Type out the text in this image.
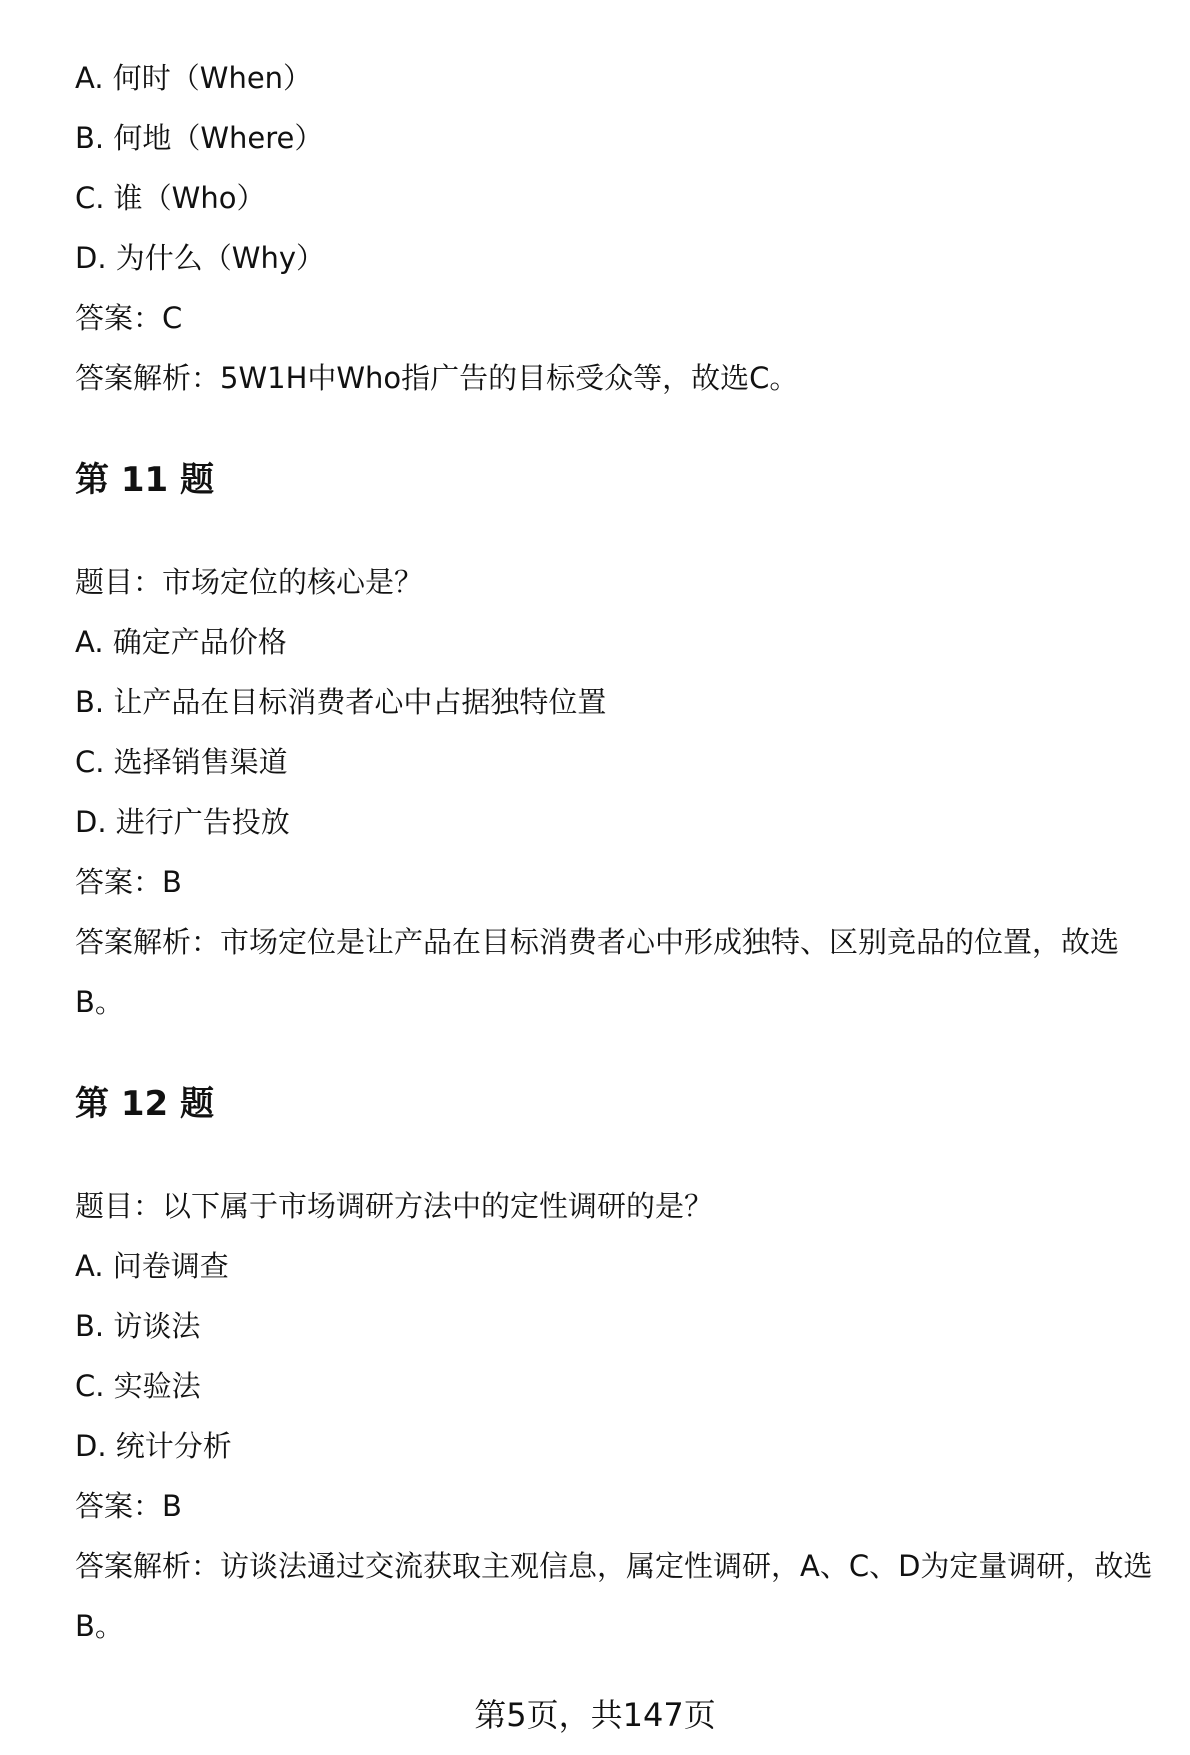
A. 何时（When）
B. 何地（Where）
C. 谁（Who）
D. 为什么（Why）
答案：C
答案解析：5W1H中Who指广告的目标受众等，故选C。
第 11 题
题目：市场定位的核心是？
A. 确定产品价格
B. 让产品在目标消费者心中占据独特位置
C. 选择销售渠道
D. 进行广告投放
答案：B
答案解析：市场定位是让产品在目标消费者心中形成独特、区别竞品的位置，故选B。
第 12 题
题目：以下属于市场调研方法中的定性调研的是？
A. 问卷调查
B. 访谈法
C. 实验法
D. 统计分析
答案：B
答案解析：访谈法通过交流获取主观信息，属定性调研，A、C、D为定量调研，故选B。
第5页，共147页
